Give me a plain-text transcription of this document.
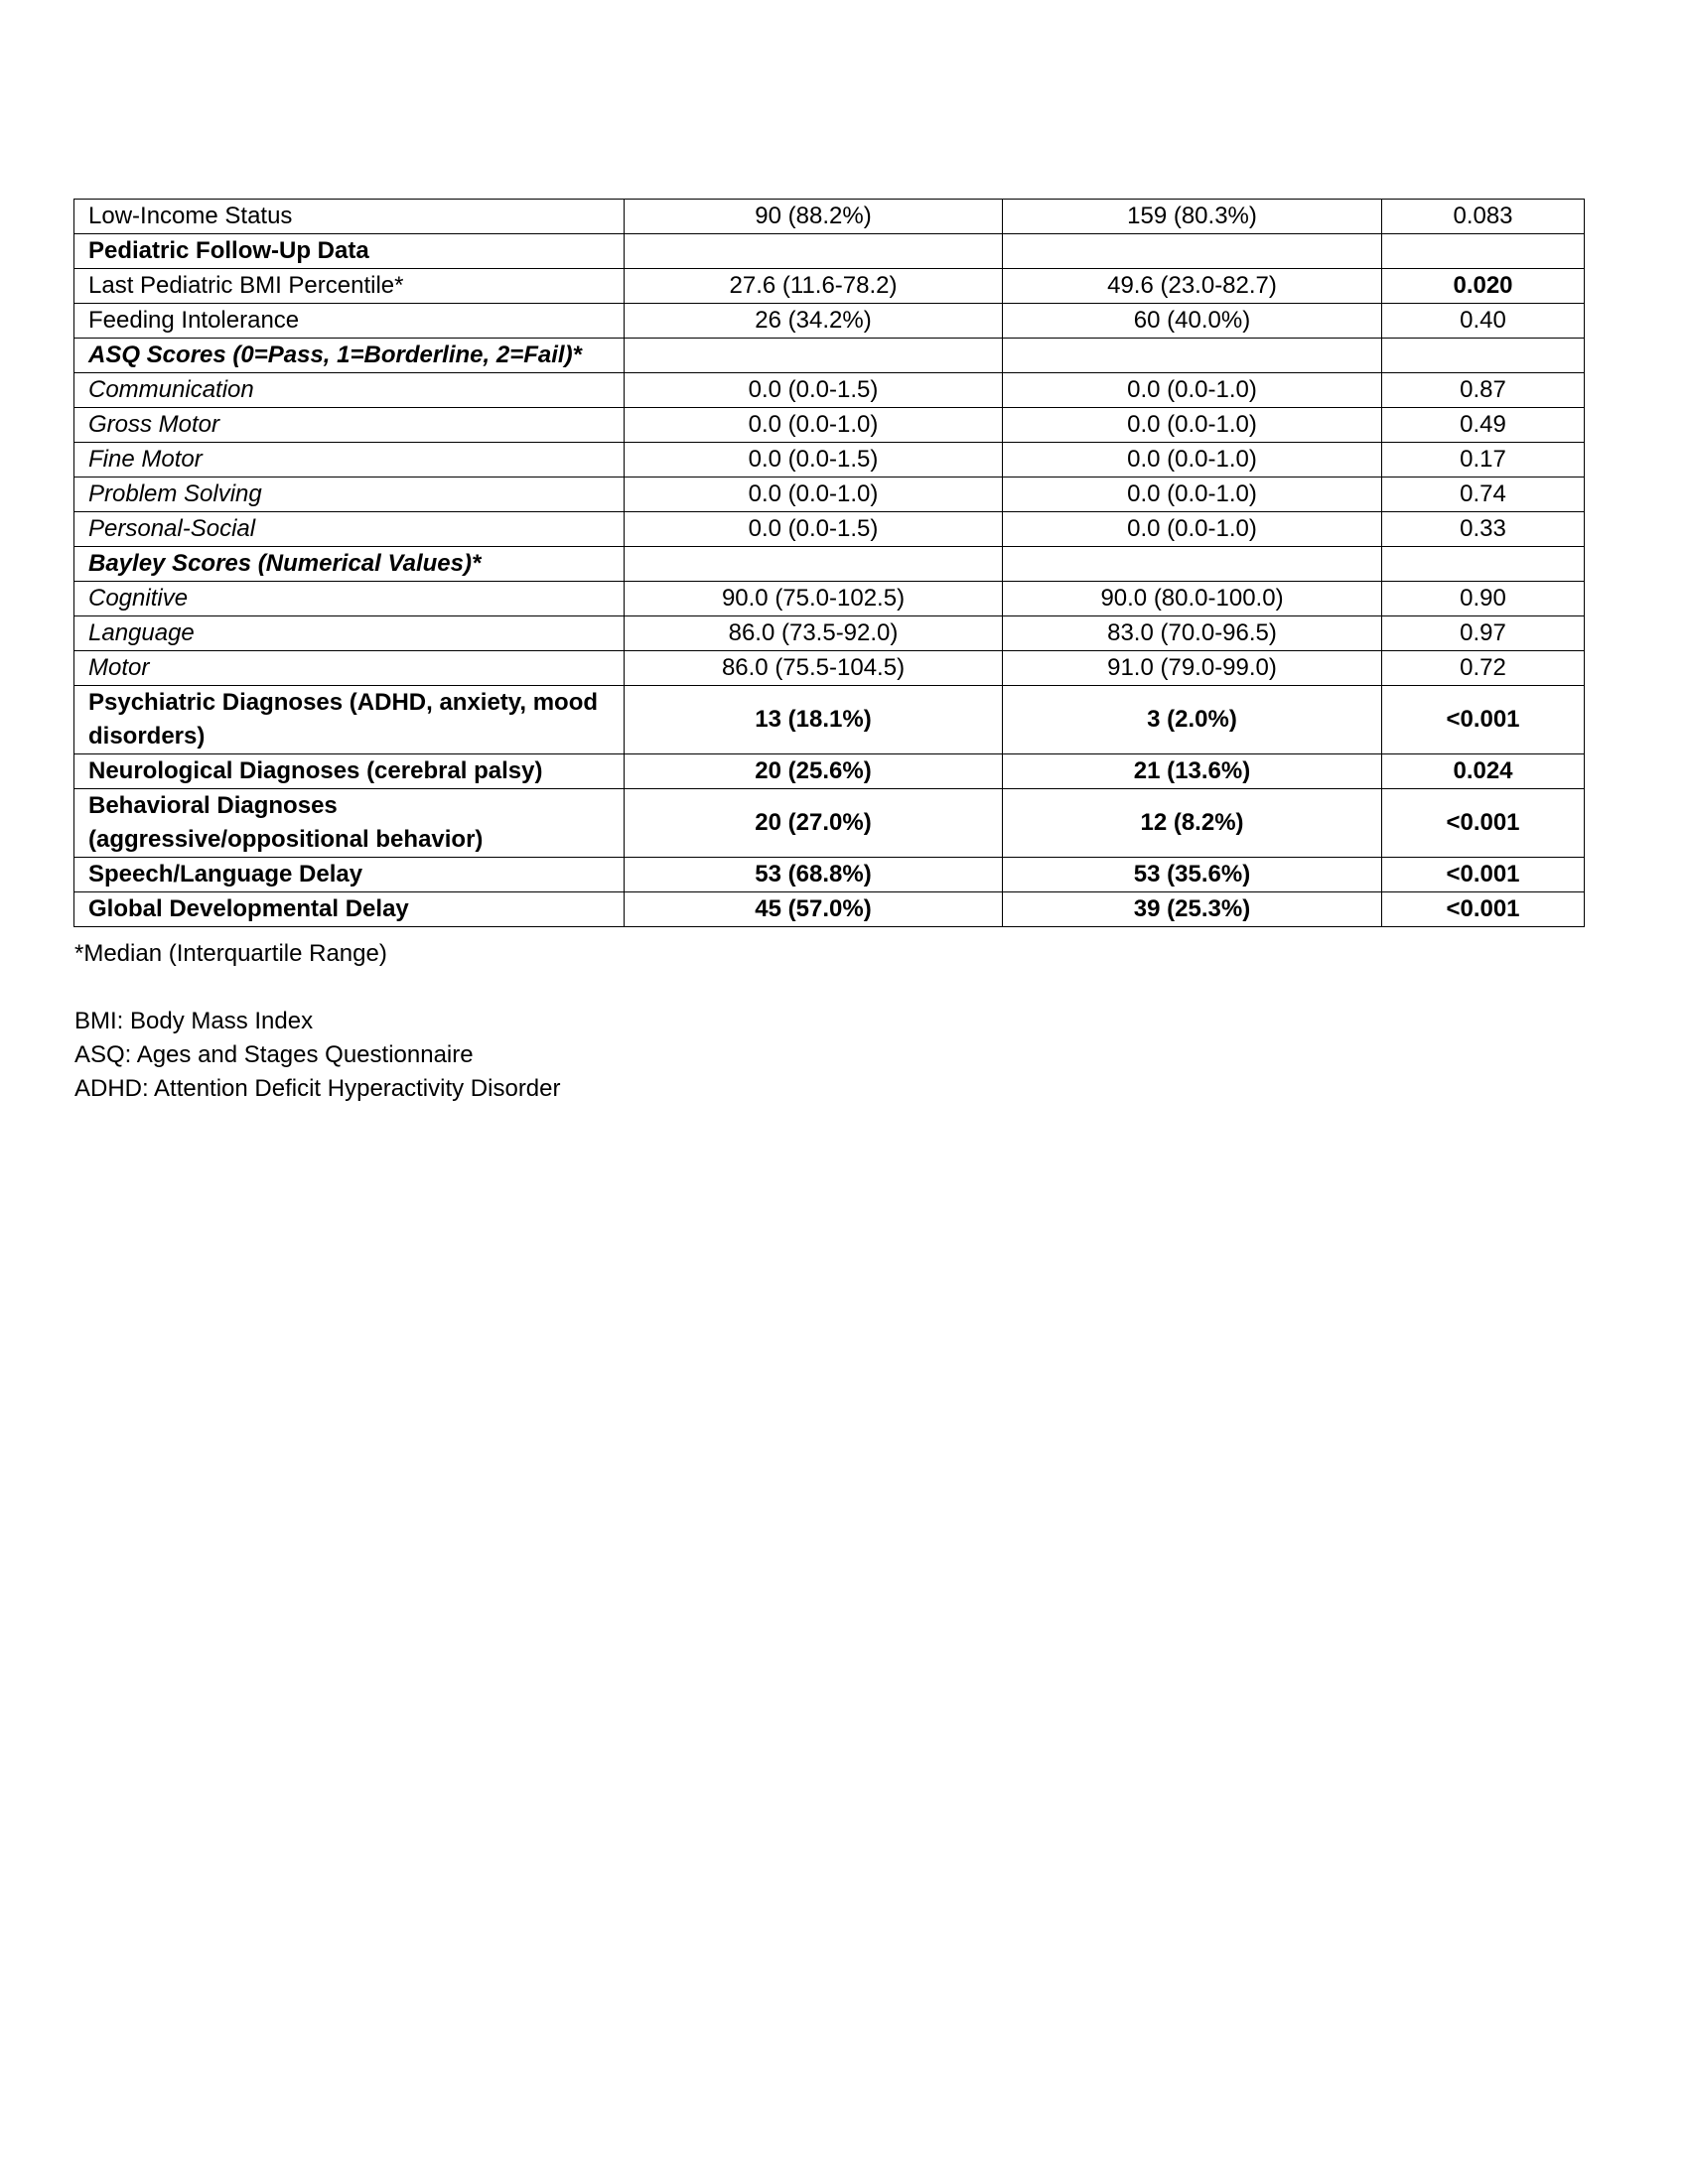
Low-Income Status	90 (88.2%)	159 (80.3%)	0.083
Pediatric Follow-Up Data			
Last Pediatric BMI Percentile*	27.6 (11.6-78.2)	49.6 (23.0-82.7)	0.020
Feeding Intolerance	26 (34.2%)	60 (40.0%)	0.40
ASQ Scores (0=Pass, 1=Borderline, 2=Fail)*			
Communication	0.0 (0.0-1.5)	0.0 (0.0-1.0)	0.87
Gross Motor	0.0 (0.0-1.0)	0.0 (0.0-1.0)	0.49
Fine Motor	0.0 (0.0-1.5)	0.0 (0.0-1.0)	0.17
Problem Solving	0.0 (0.0-1.0)	0.0 (0.0-1.0)	0.74
Personal-Social	0.0 (0.0-1.5)	0.0 (0.0-1.0)	0.33
Bayley Scores (Numerical Values)*			
Cognitive	90.0 (75.0-102.5)	90.0 (80.0-100.0)	0.90
Language	86.0 (73.5-92.0)	83.0 (70.0-96.5)	0.97
Motor	86.0 (75.5-104.5)	91.0 (79.0-99.0)	0.72
Psychiatric Diagnoses (ADHD, anxiety, mood disorders)	13 (18.1%)	3 (2.0%)	<0.001
Neurological Diagnoses (cerebral palsy)	20 (25.6%)	21 (13.6%)	0.024
Behavioral Diagnoses (aggressive/oppositional behavior)	20 (27.0%)	12 (8.2%)	<0.001
Speech/Language Delay	53 (68.8%)	53 (35.6%)	<0.001
Global Developmental Delay	45 (57.0%)	39 (25.3%)	<0.001
*Median (Interquartile Range)
BMI: Body Mass Index
ASQ: Ages and Stages Questionnaire
ADHD: Attention Deficit Hyperactivity Disorder
